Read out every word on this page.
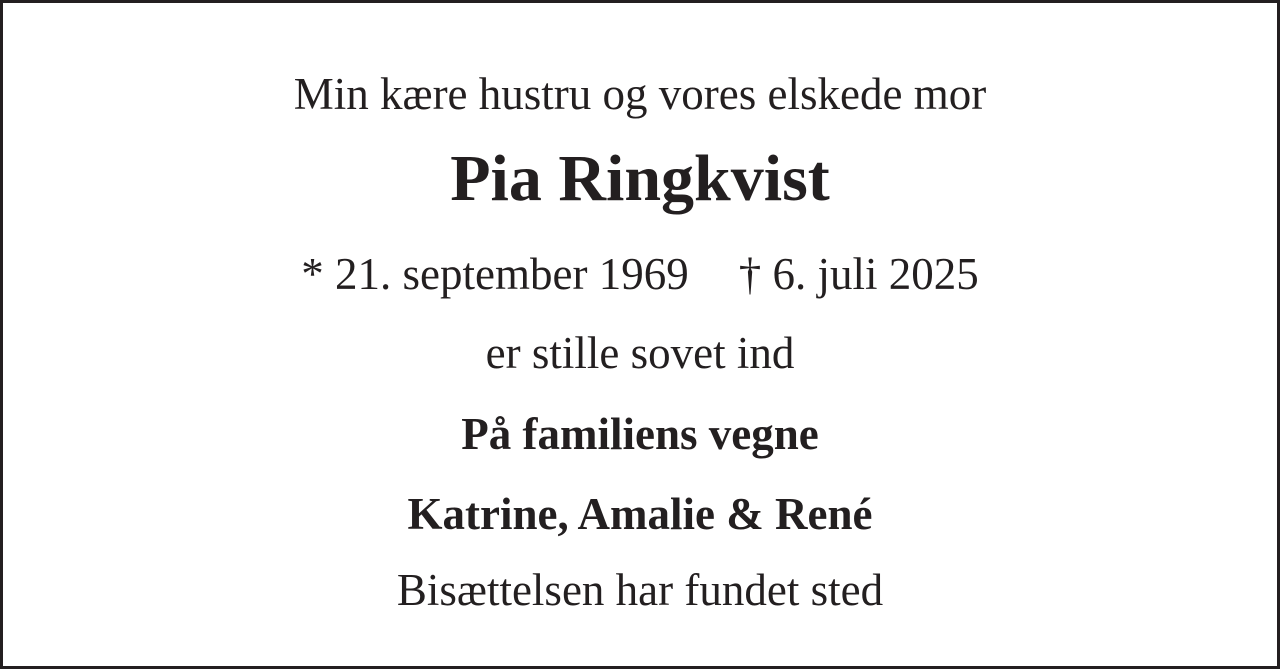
Min kære hustru og vores elskede mor
Pia Ringkvist
* 21. september 1969 † 6. juli 2025
er stille sovet ind
På familiens vegne
Katrine, Amalie & René
Bisættelsen har fundet sted
